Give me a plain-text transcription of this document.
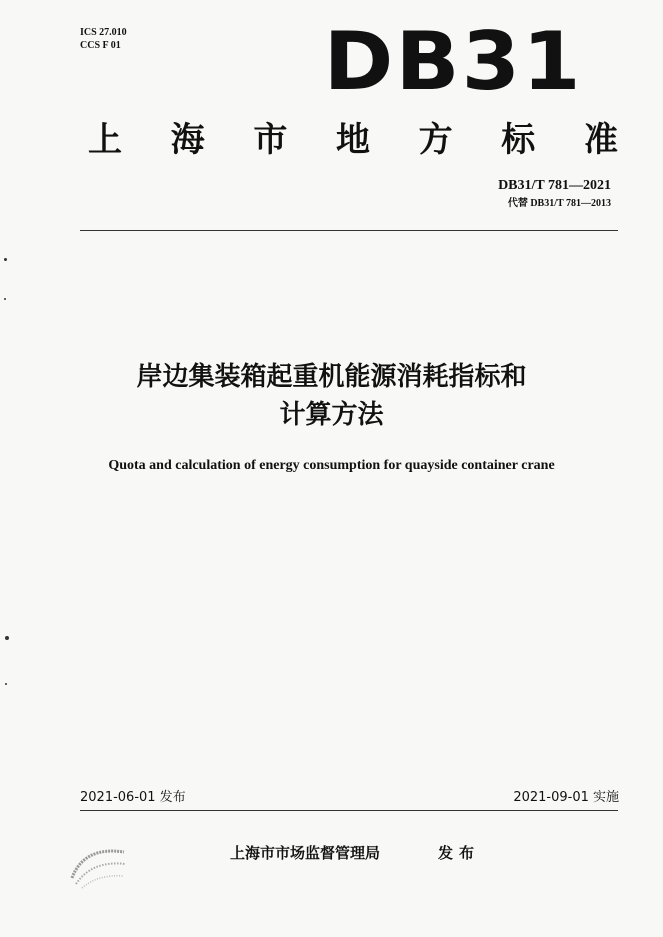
ICS 27.010
CCS F 01	DB31
上 海 市 地 方 标 准
DB31/T 781—2021
代替 DB31/T 781—2013
岸边集装箱起重机能源消耗指标和
计算方法
Quota and calculation of energy consumption for quayside container crane
2021-06-01 发布	2021-09-01 实施
上海市市场监督管理局	发布
